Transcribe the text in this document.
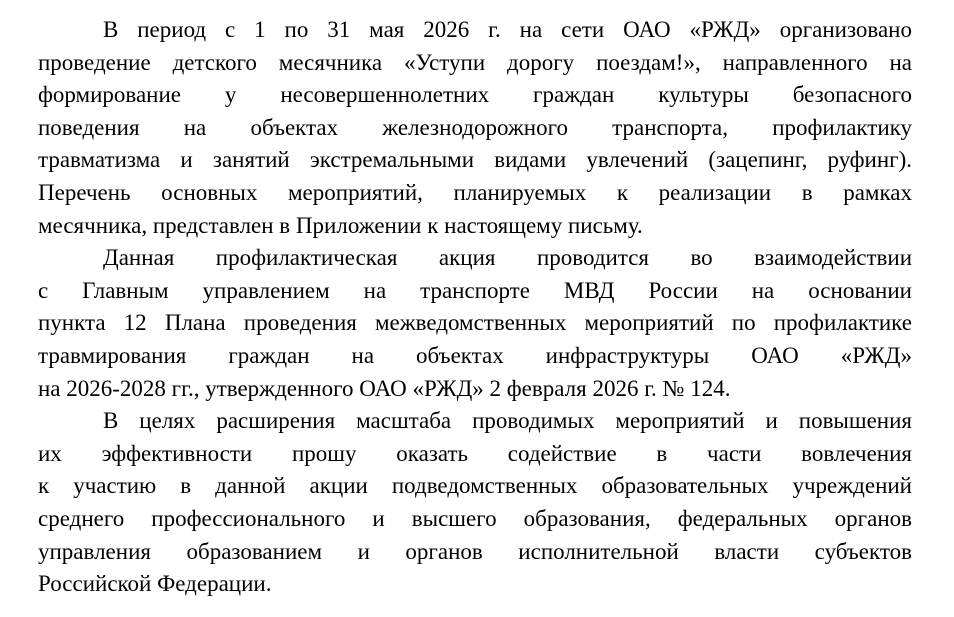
В период с 1 по 31 мая 2026 г. на сети ОАО «РЖД» организовано
проведение детского месячника «Уступи дорогу поездам!», направленного на
формирование у несовершеннолетних граждан культуры безопасного
поведения на объектах железнодорожного транспорта, профилактику
травматизма и занятий экстремальными видами увлечений (зацепинг, руфинг).
Перечень основных мероприятий, планируемых к реализации в рамках
месячника, представлен в Приложении к настоящему письму.
Данная профилактическая акция проводится во взаимодействии
с Главным управлением на транспорте МВД России на основании
пункта 12 Плана проведения межведомственных мероприятий по профилактике
травмирования граждан на объектах инфраструктуры ОАО «РЖД»
на 2026-2028 гг., утвержденного ОАО «РЖД» 2 февраля 2026 г. № 124.
В целях расширения масштаба проводимых мероприятий и повышения
их эффективности прошу оказать содействие в части вовлечения
к участию в данной акции подведомственных образовательных учреждений
среднего профессионального и высшего образования, федеральных органов
управления образованием и органов исполнительной власти субъектов
Российской Федерации.
